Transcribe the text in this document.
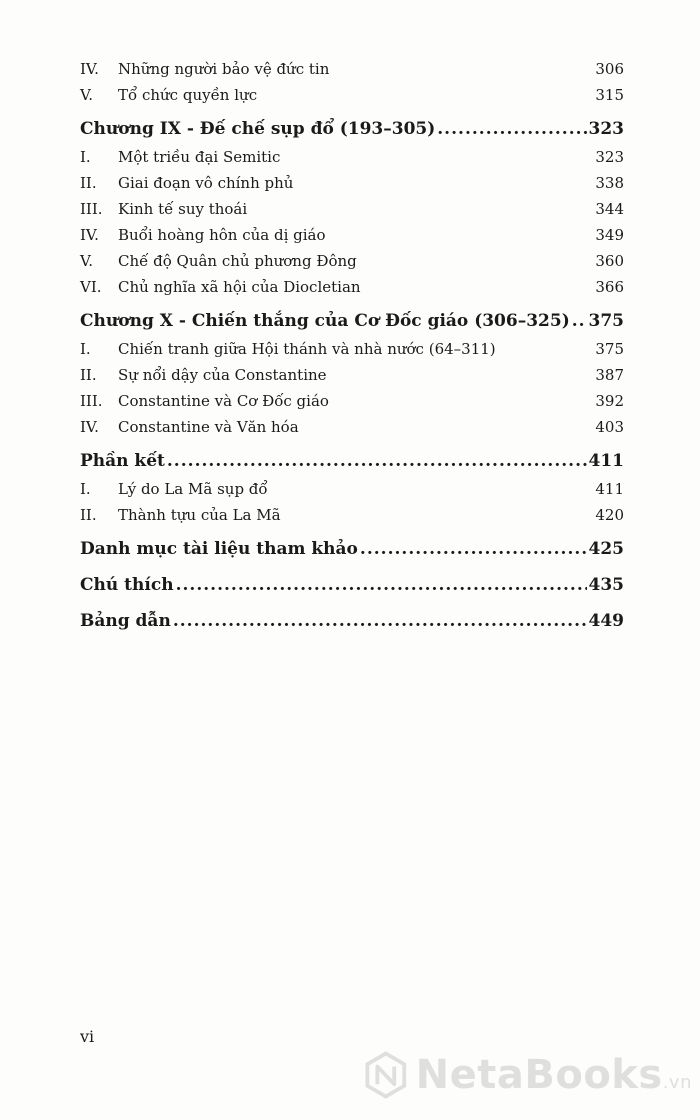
IV.	Những người bảo vệ đức tin	306
V.	Tổ chức quyền lực	315
Chương IX - Đế chế sụp đổ (193–305) .....	323
I.	Một triều đại Semitic	323
II.	Giai đoạn vô chính phủ	338
III.	Kinh tế suy thoái	344
IV.	Buổi hoàng hôn của dị giáo	349
V.	Chế độ Quân chủ phương Đông	360
VI.	Chủ nghĩa xã hội của Diocletian	366
Chương X - Chiến thắng của Cơ Đốc giáo (306–325) ..... 375
I.	Chiến tranh giữa Hội thánh và nhà nước (64–311)	375
II.	Sự nổi dậy của Constantine	387
III.	Constantine và Cơ Đốc giáo	392
IV.	Constantine và Văn hóa	403
Phần kết .....	411
I.	Lý do La Mã sụp đổ	411
II.	Thành tựu của La Mã	420
Danh mục tài liệu tham khảo .....	425
Chú thích .....	435
Bảng dẫn .....	449
vi
NetaBooks.vn
